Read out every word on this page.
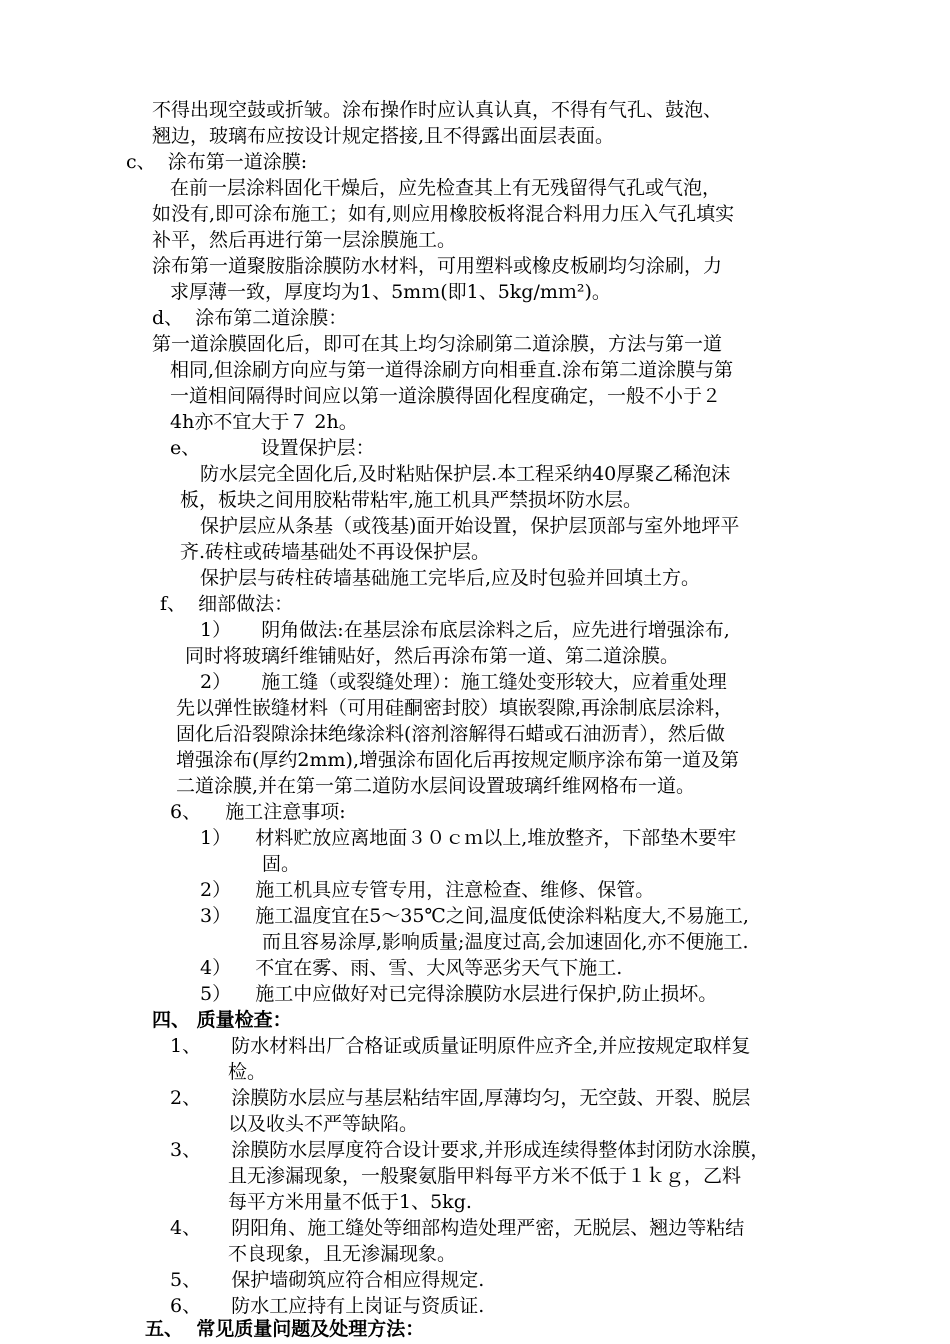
不得出现空鼓或折皱。涂布操作时应认真认真，不得有气孔、鼓泡、
翘边，玻璃布应按设计规定搭接,且不得露出面层表面。
c、  涂布第一道涂膜:
在前一层涂料固化干燥后，应先检查其上有无残留得气孔或气泡，
如没有,即可涂布施工；如有,则应用橡胶板将混合料用力压入气孔填实
补平，然后再进行第一层涂膜施工。
涂布第一道聚胺脂涂膜防水材料，可用塑料或橡皮板刷均匀涂刷，力
求厚薄一致，厚度均为1、5mｍ(即1、5kg/mｍ²)。
d、  涂布第二道涂膜：
第一道涂膜固化后，即可在其上均匀涂刷第二道涂膜，方法与第一道
相同,但涂刷方向应与第一道得涂刷方向相垂直.涂布第二道涂膜与第
一道相间隔得时间应以第一道涂膜得固化程度确定，一般不小于２
4h亦不宜大于７ 2h。
e、          设置保护层：
防水层完全固化后,及时粘贴保护层.本工程采纳40厚聚乙稀泡沫
板，板块之间用胶粘带粘牢,施工机具严禁损坏防水层。
保护层应从条基（或筏基)面开始设置，保护层顶部与室外地坪平
齐.砖柱或砖墙基础处不再设保护层。
保护层与砖柱砖墙基础施工完毕后,应及时包验并回填土方。
f、  细部做法：
1）     阴角做法:在基层涂布底层涂料之后，应先进行增强涂布,
同时将玻璃纤维铺贴好，然后再涂布第一道、第二道涂膜。
2）     施工缝（或裂缝处理）：施工缝处变形较大，应着重处理
先以弹性嵌缝材料（可用硅酮密封胶）填嵌裂隙,再涂制底层涂料，
固化后沿裂隙涂抹绝缘涂料(溶剂溶解得石蜡或石油沥青），然后做
增强涂布(厚约2mm),增强涂布固化后再按规定顺序涂布第一道及第
二道涂膜,并在第一第二道防水层间设置玻璃纤维网格布一道。
6、    施工注意事项:
1）    材料贮放应离地面３０ｃｍ以上,堆放整齐，下部垫木要牢
固。
2）    施工机具应专管专用，注意检查、维修、保管。
3）    施工温度宜在5～35℃之间,温度低使涂料粘度大,不易施工,
而且容易涂厚,影响质量;温度过高,会加速固化,亦不便施工.
4）    不宜在雾、雨、雪、大风等恶劣天气下施工.
5）    施工中应做好对已完得涂膜防水层进行保护,防止损坏。
四、 质量检查：
1、     防水材料出厂合格证或质量证明原件应齐全,并应按规定取样复
检。
2、     涂膜防水层应与基层粘结牢固,厚薄均匀，无空鼓、开裂、脱层
以及收头不严等缺陷。
3、     涂膜防水层厚度符合设计要求,并形成连续得整体封闭防水涂膜，
且无渗漏现象，一般聚氨脂甲料每平方米不低于１ｋｇ，乙料
每平方米用量不低于1、5kg.
4、     阴阳角、施工缝处等细部构造处理严密，无脱层、翘边等粘结
不良现象，且无渗漏现象。
5、     保护墙砌筑应符合相应得规定.
6、     防水工应持有上岗证与资质证.
五、  常见质量问题及处理方法：
